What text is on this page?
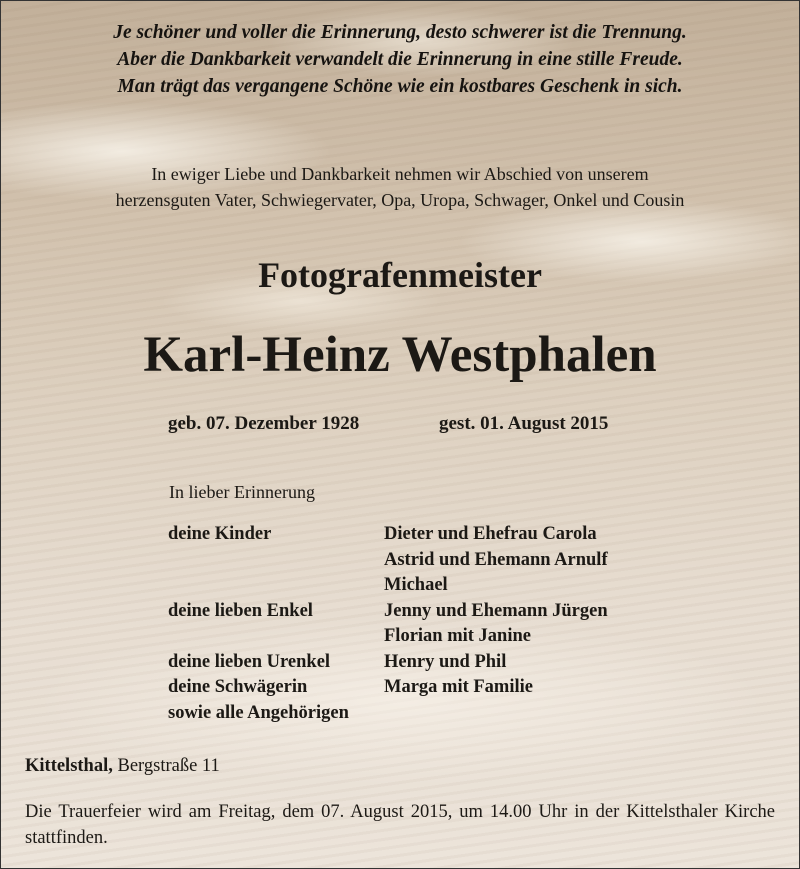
Je schöner und voller die Erinnerung, desto schwerer ist die Trennung.
Aber die Dankbarkeit verwandelt die Erinnerung in eine stille Freude.
Man trägt das vergangene Schöne wie ein kostbares Geschenk in sich.
In ewiger Liebe und Dankbarkeit nehmen wir Abschied von unserem
herzensguten Vater, Schwiegervater, Opa, Uropa, Schwager, Onkel und Cousin
Fotografenmeister
Karl-Heinz Westphalen
geb. 07. Dezember 1928	gest. 01. August 2015
In lieber Erinnerung
deine Kinder	Dieter und Ehefrau Carola
Astrid und Ehemann Arnulf
Michael
deine lieben Enkel	Jenny und Ehemann Jürgen
Florian mit Janine
deine lieben Urenkel	Henry und Phil
deine Schwägerin	Marga mit Familie
sowie alle Angehörigen
Kittelsthal, Bergstraße 11
Die Trauerfeier wird am Freitag, dem 07. August 2015, um 14.00 Uhr in der Kittelsthaler Kirche stattfinden.
